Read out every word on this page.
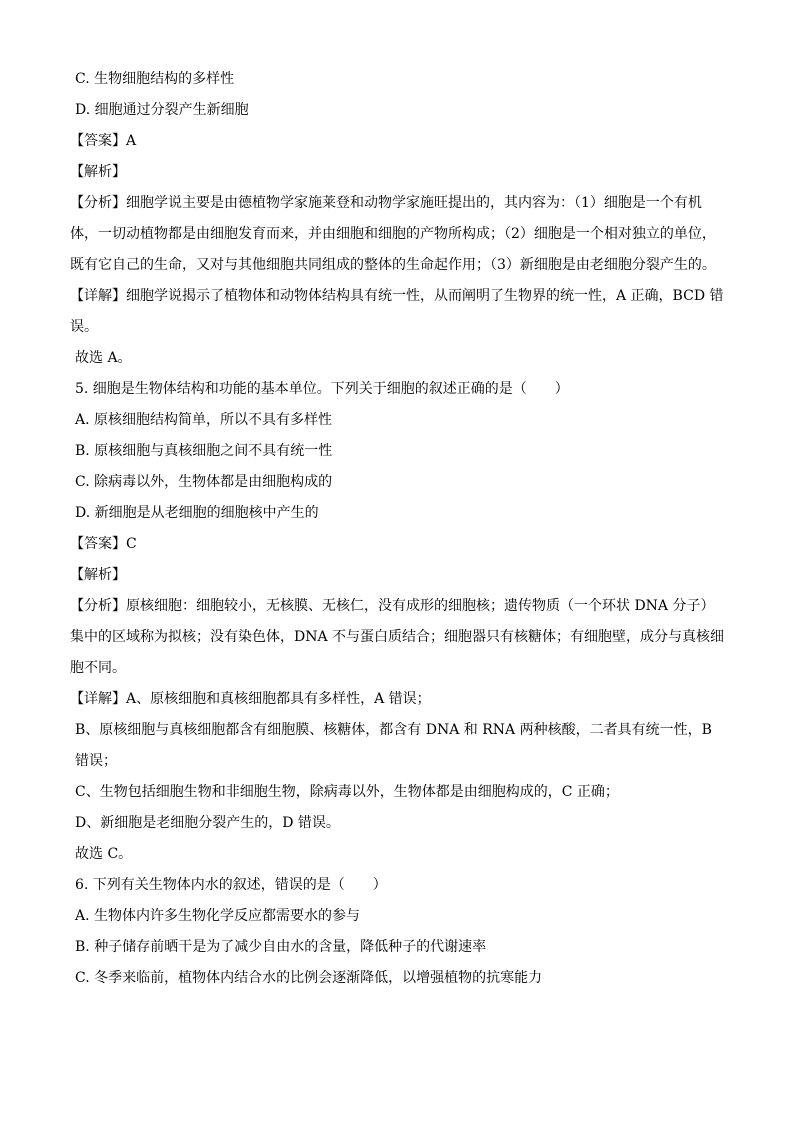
C. 生物细胞结构的多样性

D. 细胞通过分裂产生新细胞

【答案】A

【解析】

【分析】细胞学说主要是由德植物学家施莱登和动物学家施旺提出的，其内容为：（1）细胞是一个有机体，一切动植物都是由细胞发育而来，并由细胞和细胞的产物所构成；（2）细胞是一个相对独立的单位，既有它自己的生命，又对与其他细胞共同组成的整体的生命起作用；（3）新细胞是由老细胞分裂产生的。

【详解】细胞学说揭示了植物体和动物体结构具有统一性，从而阐明了生物界的统一性，A 正确，BCD 错误。

故选 A。

5. 细胞是生物体结构和功能的基本单位。下列关于细胞的叙述正确的是（　　）

A. 原核细胞结构简单，所以不具有多样性

B. 原核细胞与真核细胞之间不具有统一性

C. 除病毒以外，生物体都是由细胞构成的

D. 新细胞是从老细胞的细胞核中产生的

【答案】C

【解析】

【分析】原核细胞：细胞较小，无核膜、无核仁，没有成形的细胞核；遗传物质（一个环状 DNA 分子）集中的区域称为拟核；没有染色体，DNA 不与蛋白质结合；细胞器只有核糖体；有细胞壁，成分与真核细胞不同。

【详解】A、原核细胞和真核细胞都具有多样性，A 错误；

B、原核细胞与真核细胞都含有细胞膜、核糖体，都含有 DNA 和 RNA 两种核酸，二者具有统一性，B 错误；

C、生物包括细胞生物和非细胞生物，除病毒以外，生物体都是由细胞构成的，C 正确；

D、新细胞是老细胞分裂产生的，D 错误。

故选 C。

6. 下列有关生物体内水的叙述，错误的是（　　）

A. 生物体内许多生物化学反应都需要水的参与

B. 种子储存前晒干是为了减少自由水的含量，降低种子的代谢速率

C. 冬季来临前，植物体内结合水的比例会逐渐降低，以增强植物的抗寒能力
